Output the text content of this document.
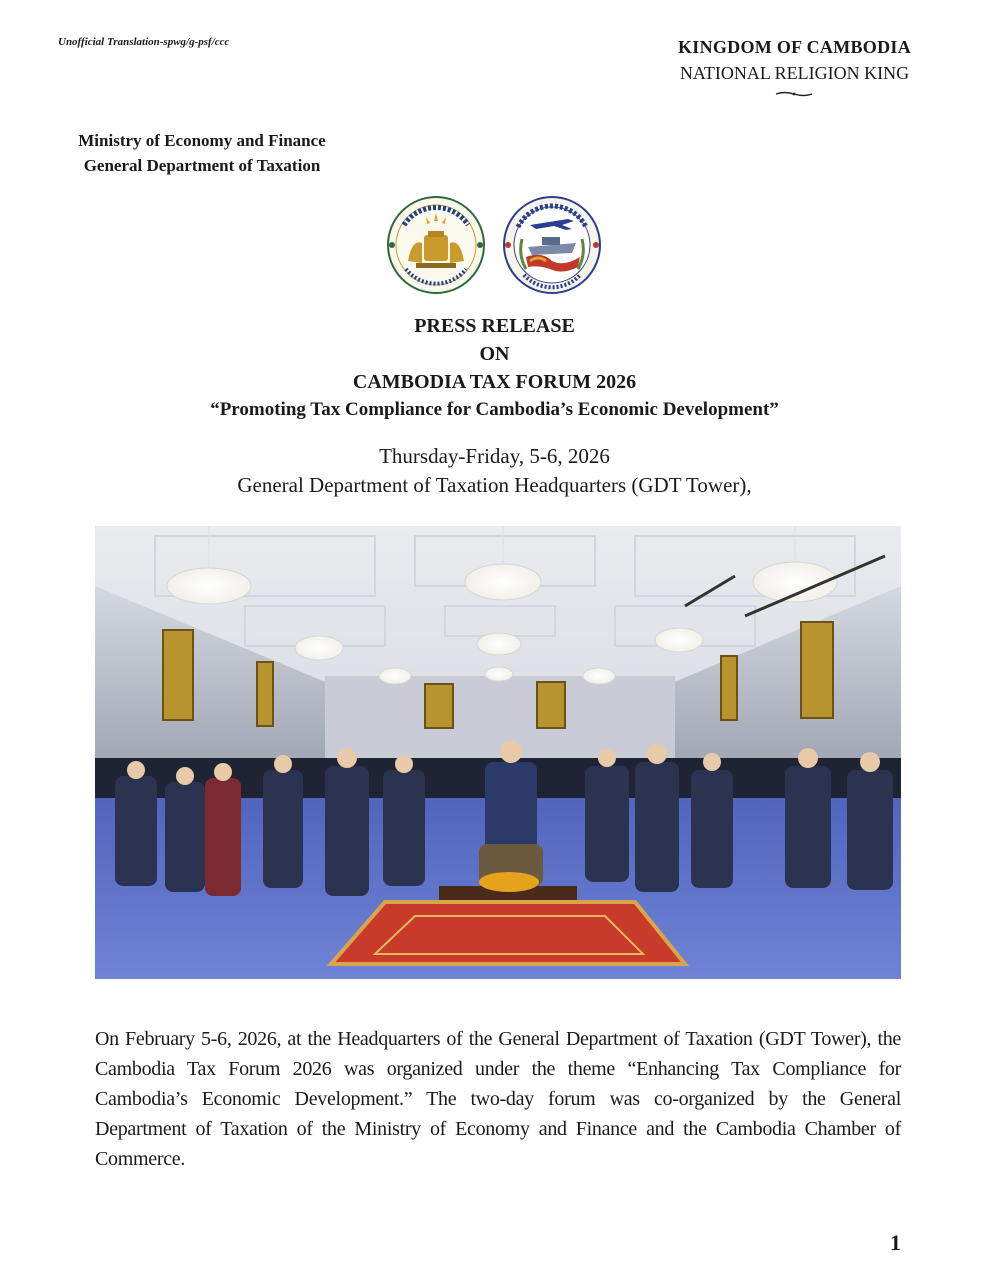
Unofficial Translation-spwg/g-psf/ccc	KINGDOM OF CAMBODIA
NATIONAL RELIGION KING
Ministry of Economy and Finance
General Department of Taxation
PRESS RELEASE
ON
CAMBODIA TAX FORUM 2026
“Promoting Tax Compliance for Cambodia’s Economic Development”
Thursday-Friday, 5-6, 2026
General Department of Taxation Headquarters (GDT Tower),
On February 5-6, 2026, at the Headquarters of the General Department of Taxation (GDT Tower), the Cambodia Tax Forum 2026 was organized under the theme “Enhancing Tax Compliance for Cambodia’s Economic Development.” The two-day forum was co-organized by the General Department of Taxation of the Ministry of Economy and Finance and the Cambodia Chamber of Commerce.
1
